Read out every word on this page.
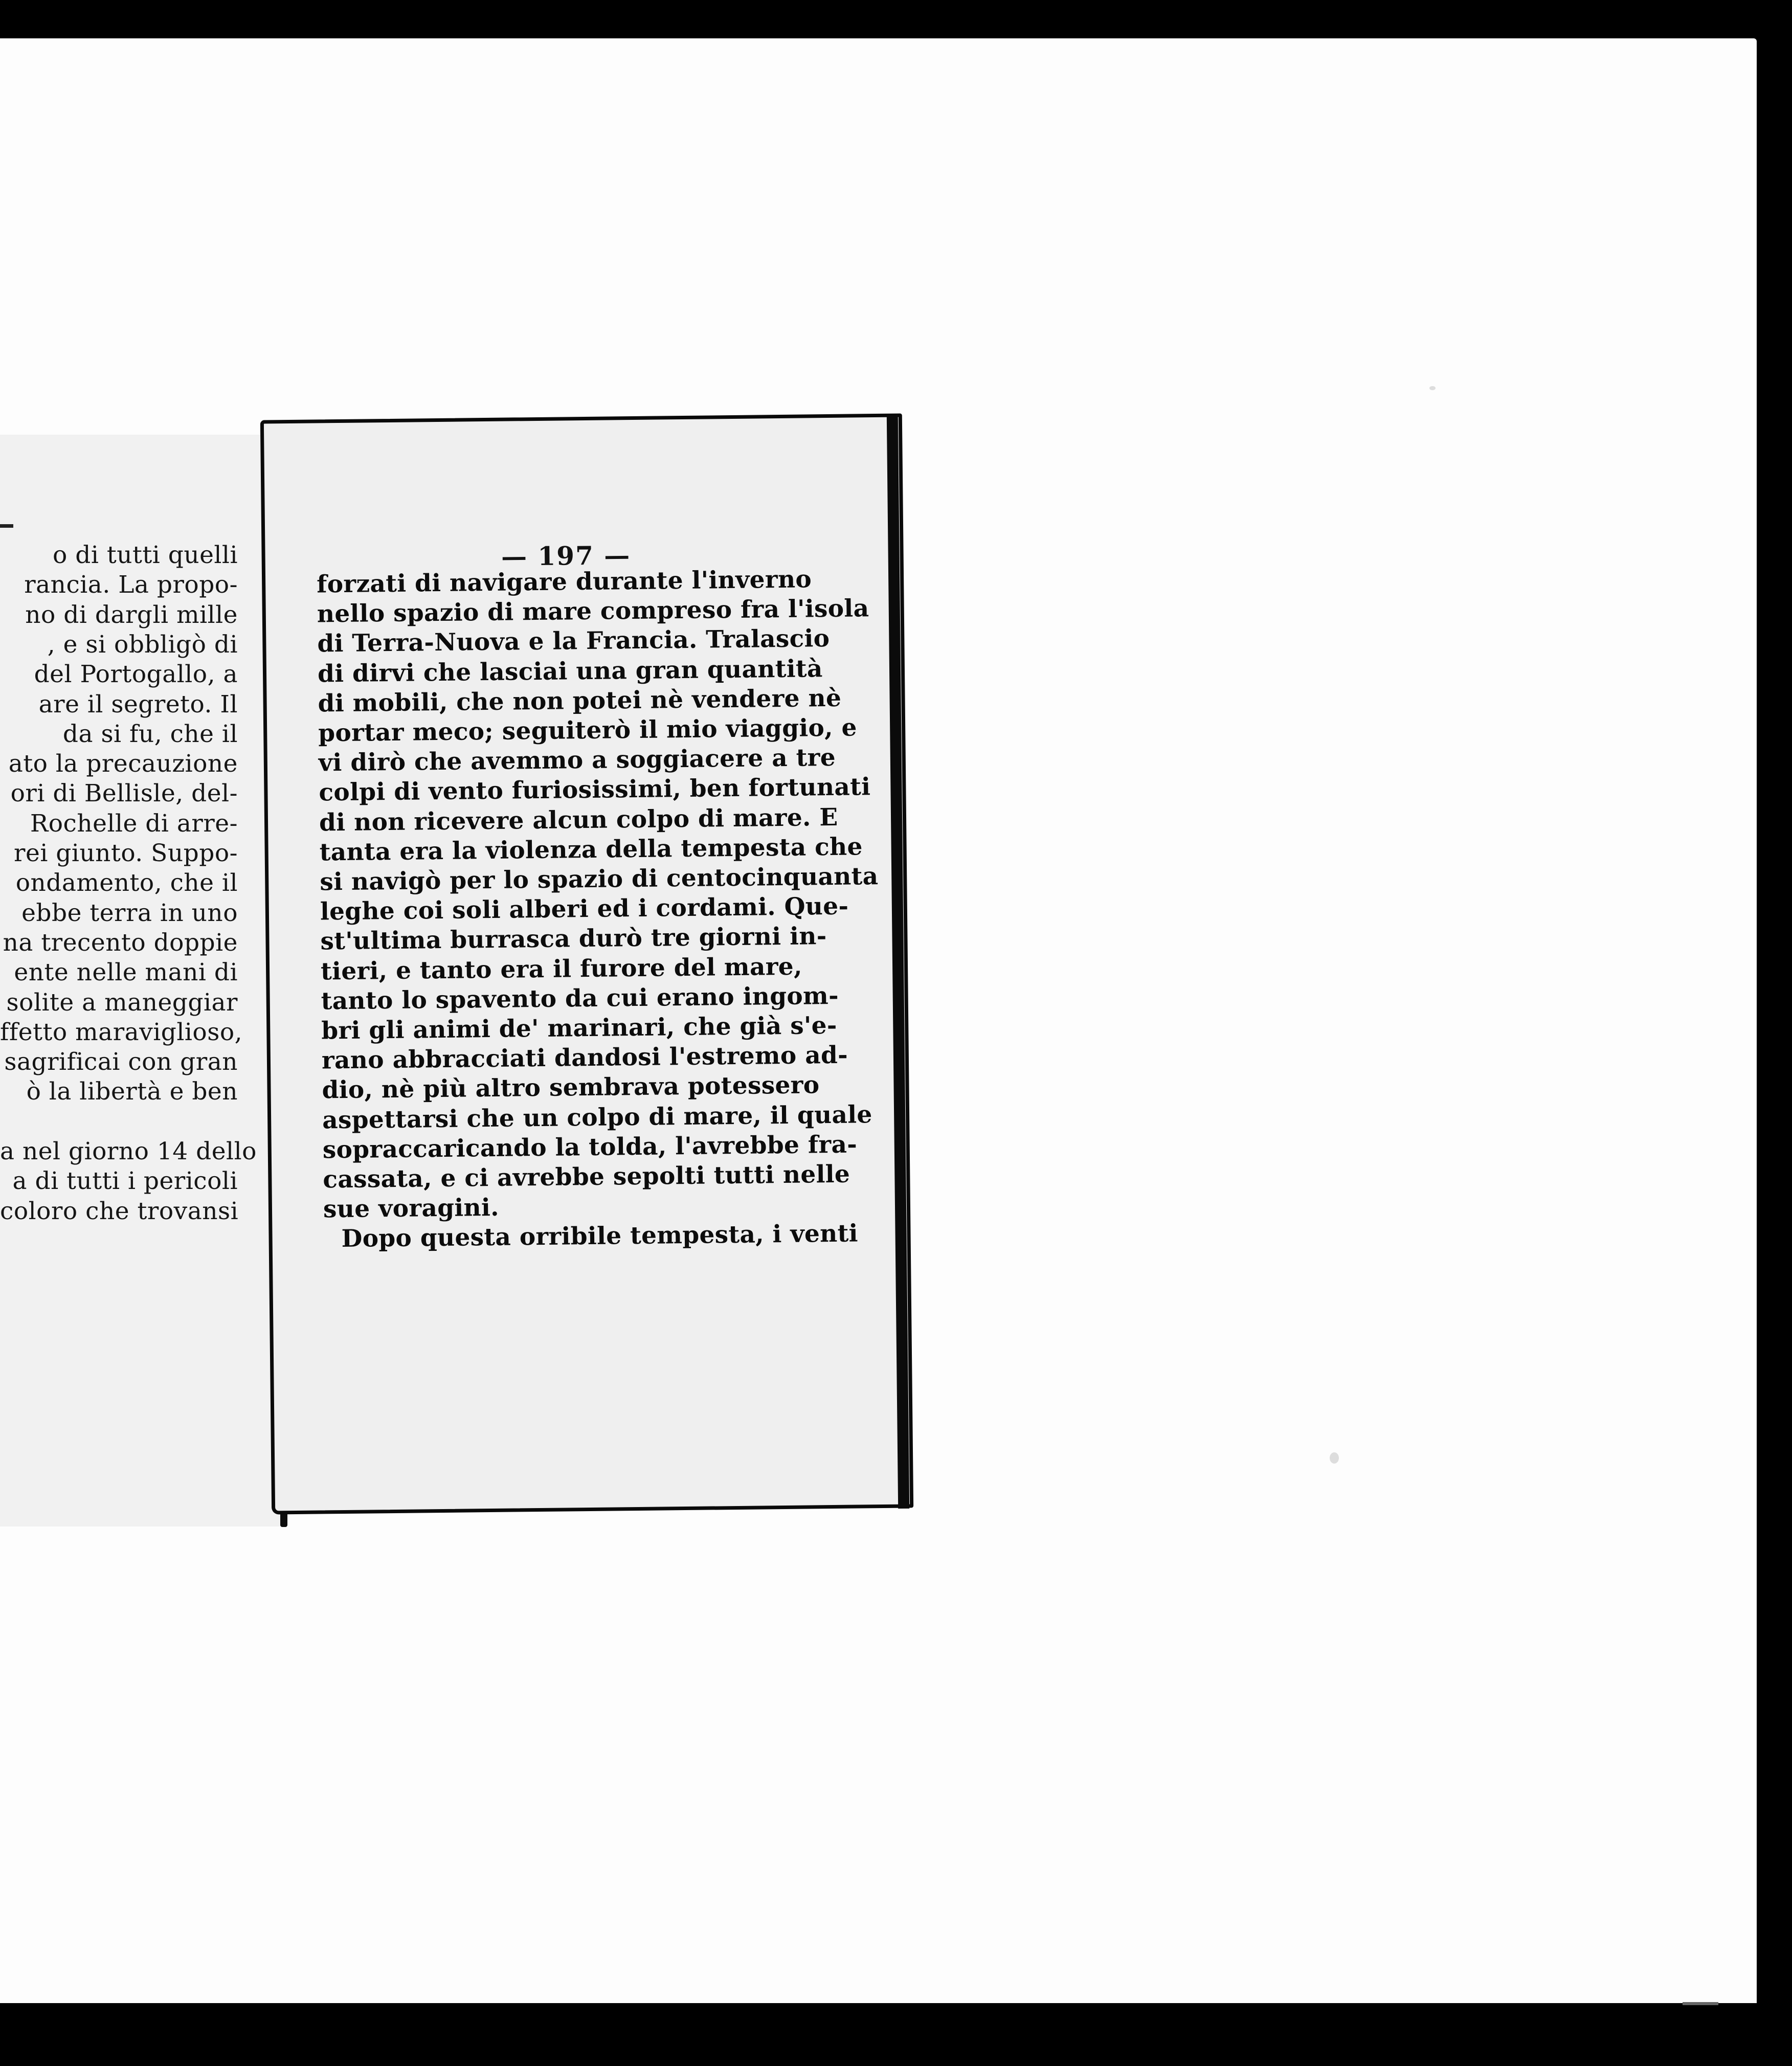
o di tutti quelli
rancia. La propo-
no di dargli mille
, e si obbligò di
del Portogallo, a
are il segreto. Il
da si fu, che il
ato la precauzione
ori di Bellisle, del-
Rochelle di arre-
rei giunto. Suppo-
ondamento, che il
ebbe terra in uno
na trecento doppie
ente nelle mani di
solite a maneggiar
ffetto maraviglioso,
sagrificai con gran
ò la libertà e ben
a nel giorno 14 dello
a di tutti i pericoli
coloro che trovansi
— 197 —
forzati di navigare durante l'inverno
nello spazio di mare compreso fra l'isola
di Terra-Nuova e la Francia. Tralascio
di dirvi che lasciai una gran quantità
di mobili, che non potei nè vendere nè
portar meco; seguiterò il mio viaggio, e
vi dirò che avemmo a soggiacere a tre
colpi di vento furiosissimi, ben fortunati
di non ricevere alcun colpo di mare. E
tanta era la violenza della tempesta che
si navigò per lo spazio di centocinquanta
leghe coi soli alberi ed i cordami. Que-
st'ultima burrasca durò tre giorni in-
tieri, e tanto era il furore del mare,
tanto lo spavento da cui erano ingom-
bri gli animi de' marinari, che già s'e-
rano abbracciati dandosi l'estremo ad-
dio, nè più altro sembrava potessero
aspettarsi che un colpo di mare, il quale
sopraccaricando la tolda, l'avrebbe fra-
cassata, e ci avrebbe sepolti tutti nelle
sue voragini.
Dopo questa orribile tempesta, i venti
